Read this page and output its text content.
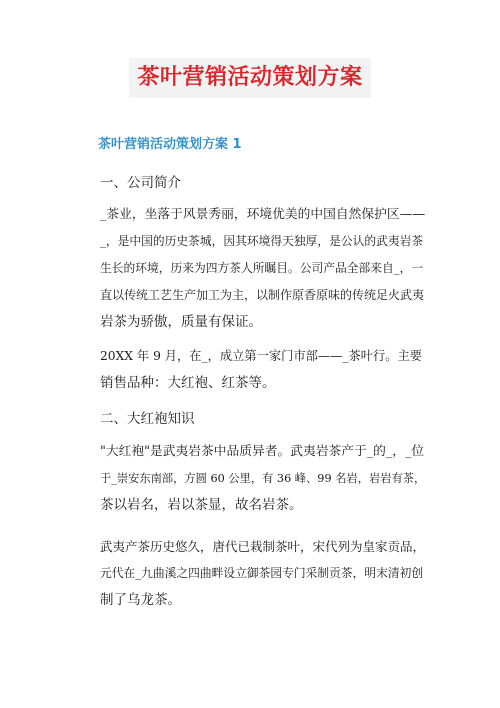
茶叶营销活动策划方案
茶叶营销活动策划方案 1
一、公司简介
_茶业，坐落于风景秀丽，环境优美的中国自然保护区——
_，是中国的历史茶城，因其环境得天独厚，是公认的武夷岩茶
生长的环境，历来为四方茶人所瞩目。公司产品全部来自_，一
直以传统工艺生产加工为主，以制作原香原味的传统足火武夷
岩茶为骄傲，质量有保证。
20XX 年 9 月，在_，成立第一家门市部——_茶叶行。主要
销售品种：大红袍、红茶等。
二、大红袍知识
"大红袍"是武夷岩茶中品质异者。武夷岩茶产于_的_，_位
于_崇安东南部，方圆 60 公里，有 36 峰、99 名岩，岩岩有茶，
茶以岩名，岩以茶显，故名岩茶。
武夷产茶历史悠久，唐代已栽制茶叶，宋代列为皇家贡品，
元代在_九曲溪之四曲畔设立御茶园专门采制贡茶，明末清初创
制了乌龙茶。
